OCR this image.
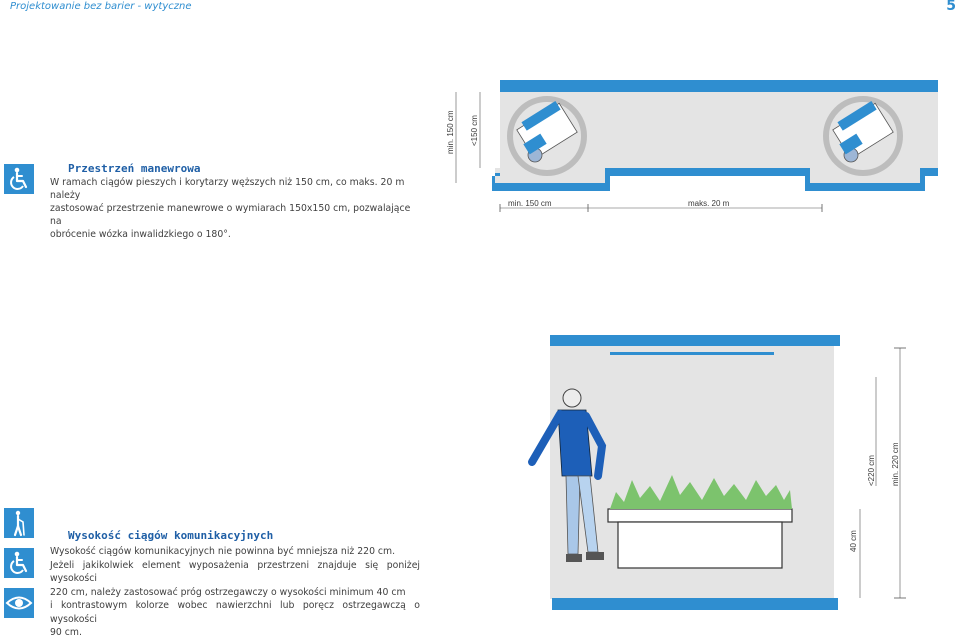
Projektowanie bez barier - wytyczne	5
Przestrzeń manewrowa
W ramach ciągów pieszych i korytarzy węższych niż 150 cm, co maks. 20 m należy
zastosować przestrzenie manewrowe o wymiarach 150x150 cm, pozwalające na
obrócenie wózka inwalidzkiego o 180°.
min. 150 cm	maks. 20 m
min. 150 cm <150 cm
<220 cm min. 220 cm
40 cm
Wysokość ciągów komunikacyjnych
Wysokość ciągów komunikacyjnych nie powinna być mniejsza niż 220 cm.
Jeżeli jakikolwiek element wyposażenia przestrzeni znajduje się poniżej wysokości
220 cm, należy zastosować próg ostrzegawczy o wysokości minimum 40 cm
i kontrastowym kolorze wobec nawierzchni lub poręcz ostrzegawczą o wysokości
90 cm.
